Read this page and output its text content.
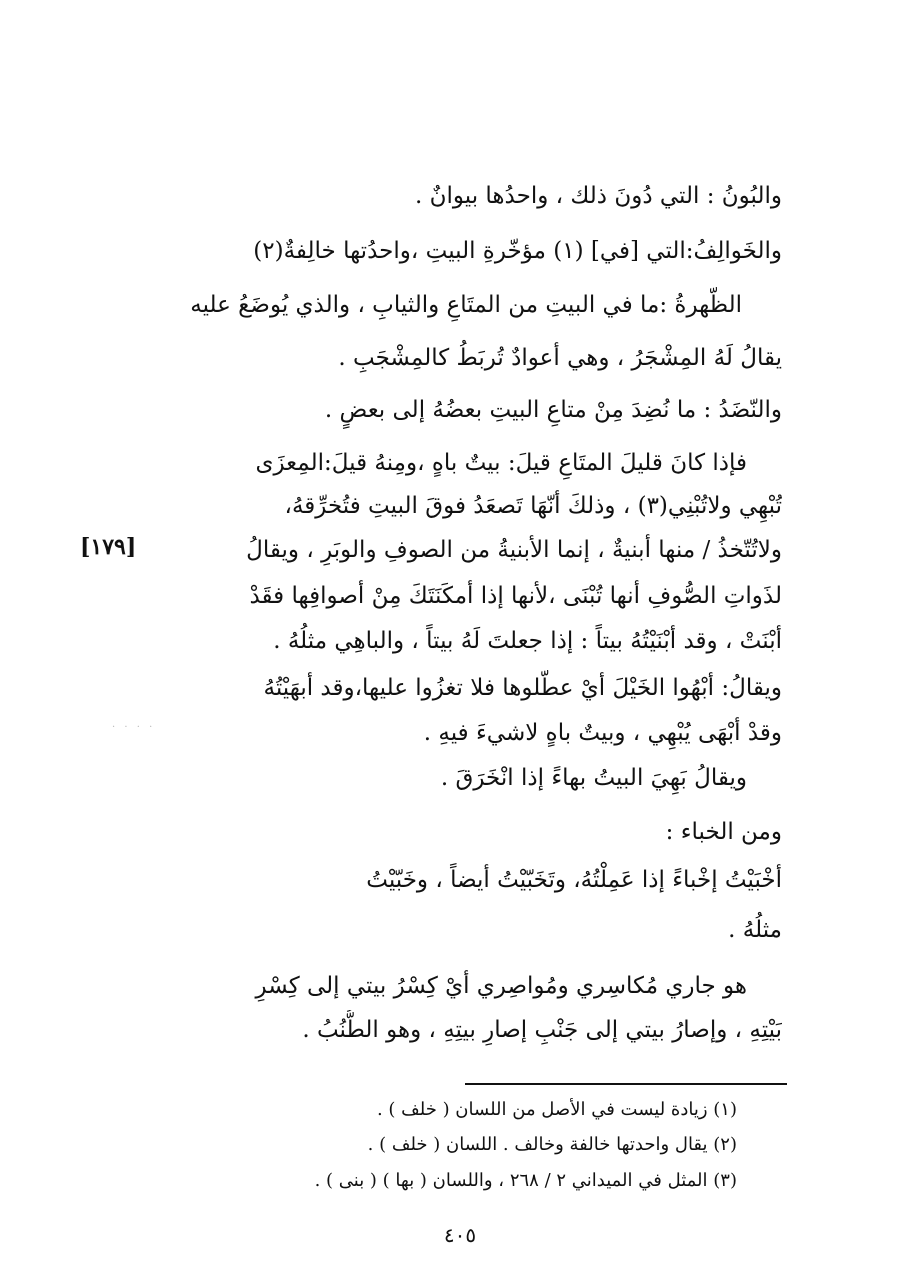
والبُونُ : التي دُونَ ذلك ، واحدُها بيوانٌ .
والخَوالِفُ:التي [في] (١) مؤخّرةِ البيتِ ،واحدُتها خالِفةٌ(٢)
الظّهرةُ :ما في البيتِ من المتَاعِ والثيابِ ، والذي يُوضَعُ عليه
يقالُ لَهُ المِشْجَرُ ، وهي أعوادٌ تُربَطُ كالمِشْجَبِ .
والنّضَدُ : ما نُضِدَ مِنْ متاعِ البيتِ بعضُهُ إلى بعضٍ .
فإذا كانَ قليلَ المتَاعِ قيلَ: بيتٌ باهٍ ،ومِنهُ قيلَ:المِعزَى
تُبْهِي ولاتُبْنِي(٣) ، وذلكَ أنّهَا تَصعَدُ فوقَ البيتِ فتُخرِّقهُ،
ولاتُتّخذُ / منها أبنيةٌ ، إنما الأبنيةُ من الصوفِ والوبَرِ ، ويقالُ
لذَواتِ الصُّوفِ أنها تُبْنَى ،لأنها إذا أمكَنَتَكَ مِنْ أصوافِها فقَدْ
أبْنَتْ ، وقد أبْنَيْتُهُ بيتاً : إذا جعلتَ لَهُ بيتاً ، والباهِي مثلُهُ .
ويقالُ: أبْهُوا الخَيْلَ أيْ عطّلوها فلا تغزُوا عليها،وقد أبهَيْتُهُ
وقدْ أبْهَى يُبْهِي ، وبيتٌ باهٍ لاشيءَ فيهِ .
ويقالُ بَهِيَ البيتُ بهاءً إذا انْخَرَقَ .
ومن الخباء :
أخْبَيْتُ إخْباءً إذا عَمِلْتُهُ، وتَخَبّيْتُ أيضاً ، وخَبّيْتُ
مثلُهُ .
هو جاري مُكاسِري ومُواصِري أيْ كِسْرُ بيتي إلى كِسْرِ
بَيْتِهِ ، وإصارُ بيتي إلى جَنْبِ إصارِ بيتِهِ ، وهو الطُّنُبُ .
[١٧٩]
· · · ·
(١) زيادة ليست في الأصل من اللسان ( خلف ) .
(٢) يقال واحدتها خالفة وخالف . اللسان ( خلف ) .
(٣) المثل في الميداني ٢ / ٢٦٨ ، واللسان ( بها ) ( بنى ) .
٤٠٥
